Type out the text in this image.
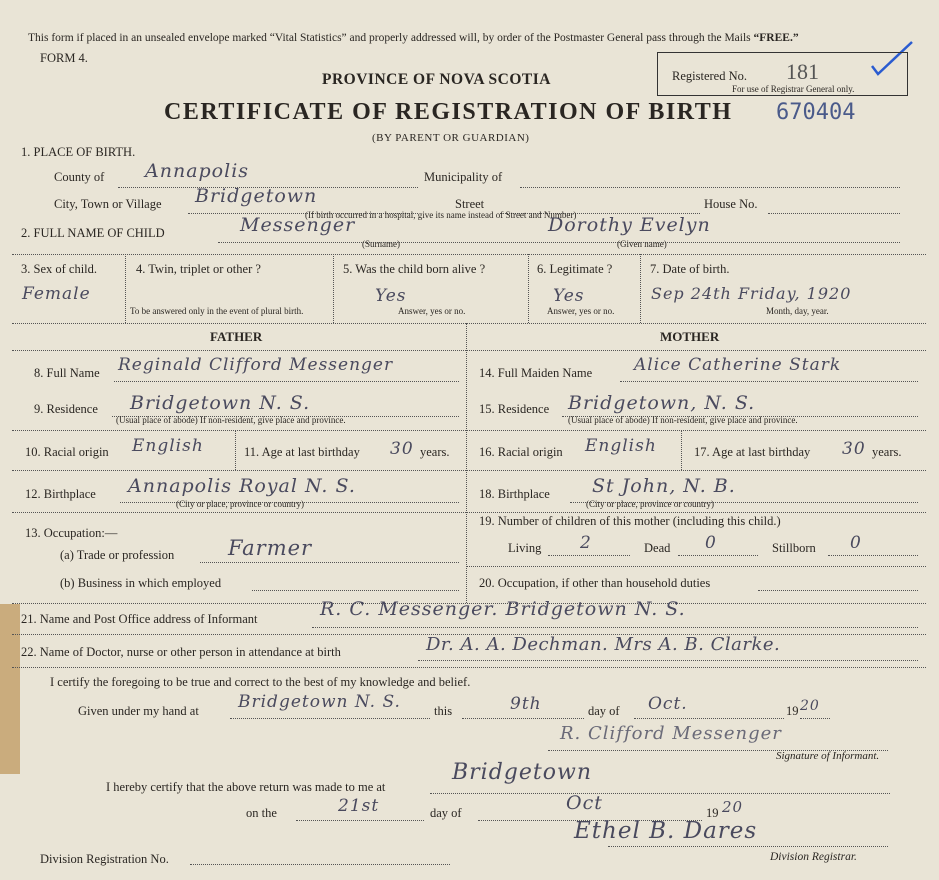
This form if placed in an unsealed envelope marked “Vital Statistics” and properly addressed will, by order of the Postmaster General pass through the Mails “FREE.”
FORM 4.
PROVINCE OF NOVA SCOTIA
CERTIFICATE OF REGISTRATION OF BIRTH
(BY PARENT OR GUARDIAN)
Registered No. 181
For use of Registrar General only.
670404
1. PLACE OF BIRTH.
County of Annapolis	Municipality of
City, Town or Village Bridgetown	Street	House No.
(If birth occurred in a hospital, give its name instead of Street and Number)
2. FULL NAME OF CHILD	Messenger	Dorothy Evelyn
(Surname)	(Given name)
3. Sex of child.
Female
4. Twin, triplet or other ?
To be answered only in the event of plural birth.
5. Was the child born alive ?
Yes
Answer, yes or no.
6. Legitimate ?
Yes
Answer, yes or no.
7. Date of birth.
Sep 24th Friday, 1920
Month, day, year.
FATHER	MOTHER
8. Full Name Reginald Clifford Messenger
9. Residence Bridgetown N. S.
(Usual place of abode) If non-resident, give place and province.
10. Racial origin English	11. Age at last birthday 30 years.
12. Birthplace Annapolis Royal N. S.
(City or place, province or country)
13. Occupation:—
(a) Trade or profession	Farmer
(b) Business in which employed
14. Full Maiden Name Alice Catherine Stark
15. Residence Bridgetown, N. S.
(Usual place of abode) If non-resident, give place and province.
16. Racial origin English	17. Age at last birthday 30 years.
18. Birthplace St John, N. B.
(City or place, province or country)
19. Number of children of this mother (including this child.)
Living 2	Dead 0	Stillborn 0
20. Occupation, if other than household duties
21. Name and Post Office address of Informant	R. C. Messenger. Bridgetown N. S.
22. Name of Doctor, nurse or other person in attendance at birth	Dr. A. A. Dechman. Mrs A. B. Clarke.
I certify the foregoing to be true and correct to the best of my knowledge and belief.
Given under my hand at Bridgetown N. S.	this	9th	day of Oct.	19 20
R. Clifford Messenger
Signature of Informant.
I hereby certify that the above return was made to me at
Bridgetown
on the	21st	day of	Oct	19 20
Ethel B. Dares
Division Registration No.	Division Registrar.
